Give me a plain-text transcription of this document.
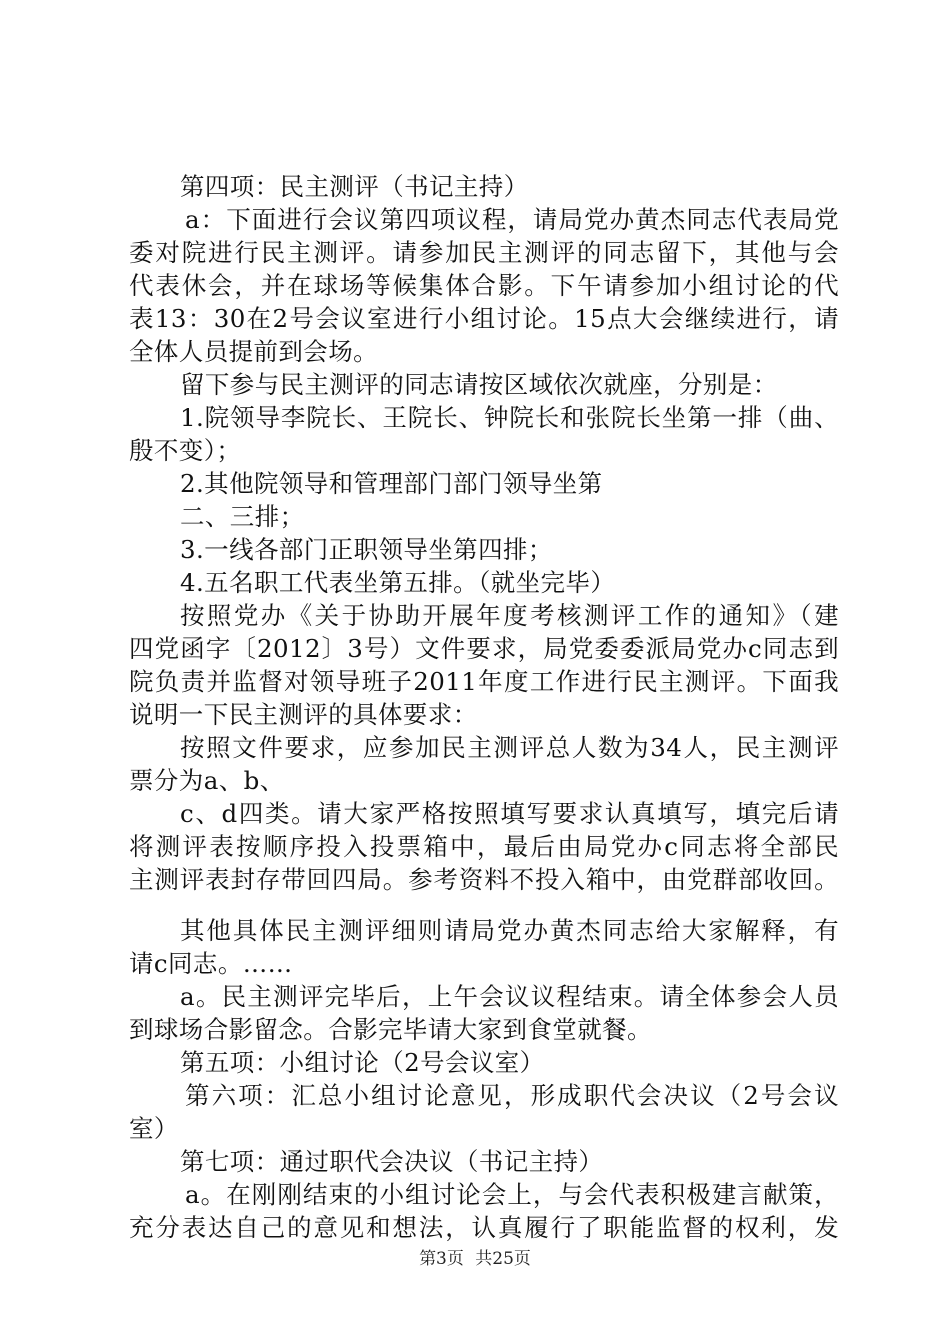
第四项：民主测评（书记主持）
a：下面进行会议第四项议程，请局党办黄杰同志代表局党
委对院进行民主测评。请参加民主测评的同志留下，其他与会
代表休会，并在球场等候集体合影。下午请参加小组讨论的代
表13：30在2号会议室进行小组讨论。15点大会继续进行，请
全体人员提前到会场。
留下参与民主测评的同志请按区域依次就座，分别是：
1.院领导李院长、王院长、钟院长和张院长坐第一排（曲、
殷不变）；
2.其他院领导和管理部门部门领导坐第
二、三排；
3.一线各部门正职领导坐第四排；
4.五名职工代表坐第五排。（就坐完毕）
按照党办《关于协助开展年度考核测评工作的通知》（建
四党函字〔2012〕3号）文件要求，局党委委派局党办c同志到
院负责并监督对领导班子2011年度工作进行民主测评。下面我
说明一下民主测评的具体要求：
按照文件要求，应参加民主测评总人数为34人，民主测评
票分为a、b、
c、d四类。请大家严格按照填写要求认真填写，填完后请
将测评表按顺序投入投票箱中，最后由局党办c同志将全部民
主测评表封存带回四局。参考资料不投入箱中，由党群部收回。
其他具体民主测评细则请局党办黄杰同志给大家解释，有
请c同志。……
a。民主测评完毕后，上午会议议程结束。请全体参会人员
到球场合影留念。合影完毕请大家到食堂就餐。
第五项：小组讨论（2号会议室）
第六项：汇总小组讨论意见，形成职代会决议（2号会议
室）
第七项：通过职代会决议（书记主持）
a。在刚刚结束的小组讨论会上，与会代表积极建言献策，
充分表达自己的意见和想法，认真履行了职能监督的权利，发
第3页 共25页
